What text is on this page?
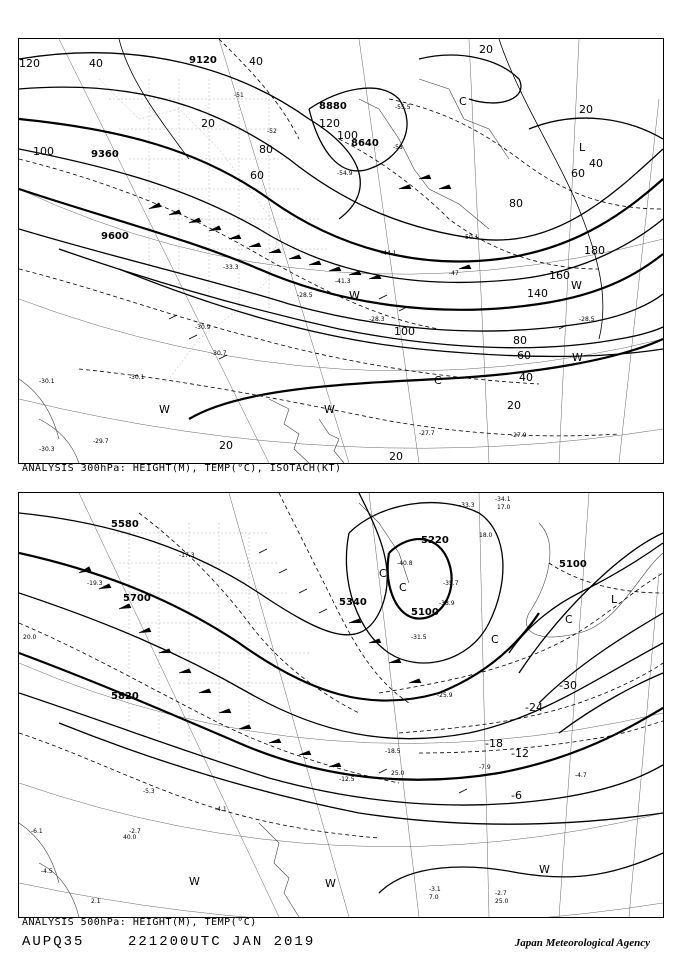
9120
8880
8640
9360
9600
120	40
20
100	80
60
40
20
100
120
140
160
180
100
80
60
40
20
20
20
80
40
60
20
L
W
W
W	W
C
C
W
-51
-52
-55.5
-58
-54.9
-50.1
-47
-44.1
-41.3
-33.3
-28.5
-30.9
-30.7
-30.1
-27.7	-27.9
-28.3
-30.1
-30.3
-29.7
-28.5
ANALYSIS 300hPa: HEIGHT(M), TEMP(°C), ISOTACH(KT)
5580
5700
5820
5220
5340
5100
5100
-30
-24
-18
-12
-6
C
C
C
C
L
W	W
W
-34.1
17.0
-33.3
18.0
-40.8
-38.9
-35.7
-31.5
-25.9
-18.5
-12.5
-7.9
-4.7
-4.1
-2.7
-5.3
-3.1
7.0
-2.7
25.0
-6.1
-4.5
2.1
40.0
-19.3
-17.3
20.0
25.0
ANALYSIS 500hPa: HEIGHT(M), TEMP(°C)
AUPQ35	221200UTC JAN 2019	Japan Meteorological Agency
